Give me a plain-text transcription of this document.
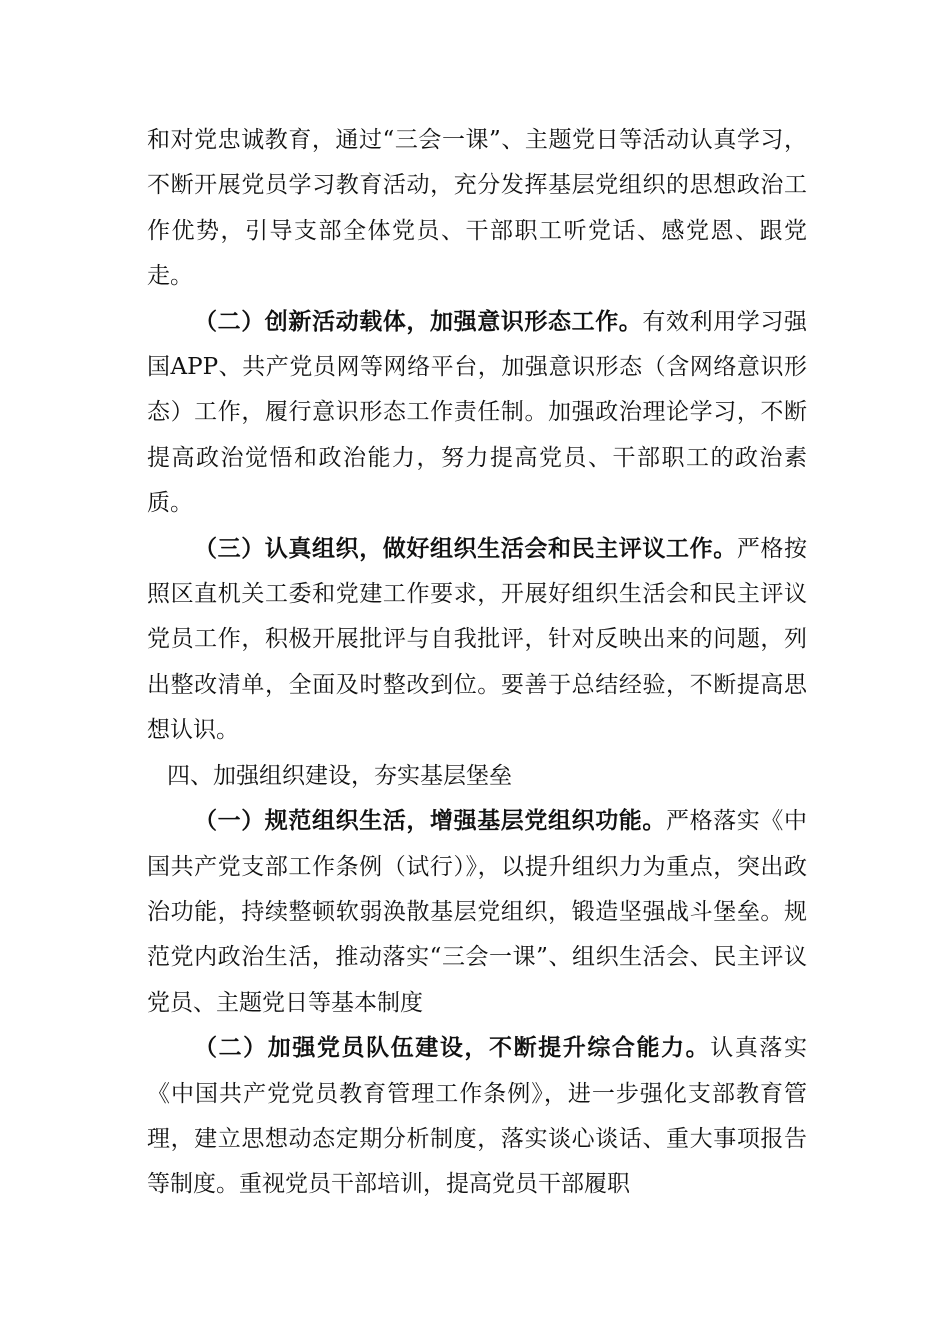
和对党忠诚教育，通过“三会一课”、主题党日等活动认真学习，不断开展党员学习教育活动，充分发挥基层党组织的思想政治工作优势，引导支部全体党员、干部职工听党话、感党恩、跟党走。

（二）创新活动载体，加强意识形态工作。有效利用学习强国APP、共产党员网等网络平台，加强意识形态（含网络意识形态）工作，履行意识形态工作责任制。加强政治理论学习，不断提高政治觉悟和政治能力，努力提高党员、干部职工的政治素质。

（三）认真组织，做好组织生活会和民主评议工作。严格按照区直机关工委和党建工作要求，开展好组织生活会和民主评议党员工作，积极开展批评与自我批评，针对反映出来的问题，列出整改清单，全面及时整改到位。要善于总结经验，不断提高思想认识。

四、加强组织建设，夯实基层堡垒

（一）规范组织生活，增强基层党组织功能。严格落实《中国共产党支部工作条例（试行）》，以提升组织力为重点，突出政治功能，持续整顿软弱涣散基层党组织，锻造坚强战斗堡垒。规范党内政治生活，推动落实“三会一课”、组织生活会、民主评议党员、主题党日等基本制度

（二）加强党员队伍建设，不断提升综合能力。认真落实《中国共产党党员教育管理工作条例》，进一步强化支部教育管理，建立思想动态定期分析制度，落实谈心谈话、重大事项报告等制度。重视党员干部培训，提高党员干部履职
